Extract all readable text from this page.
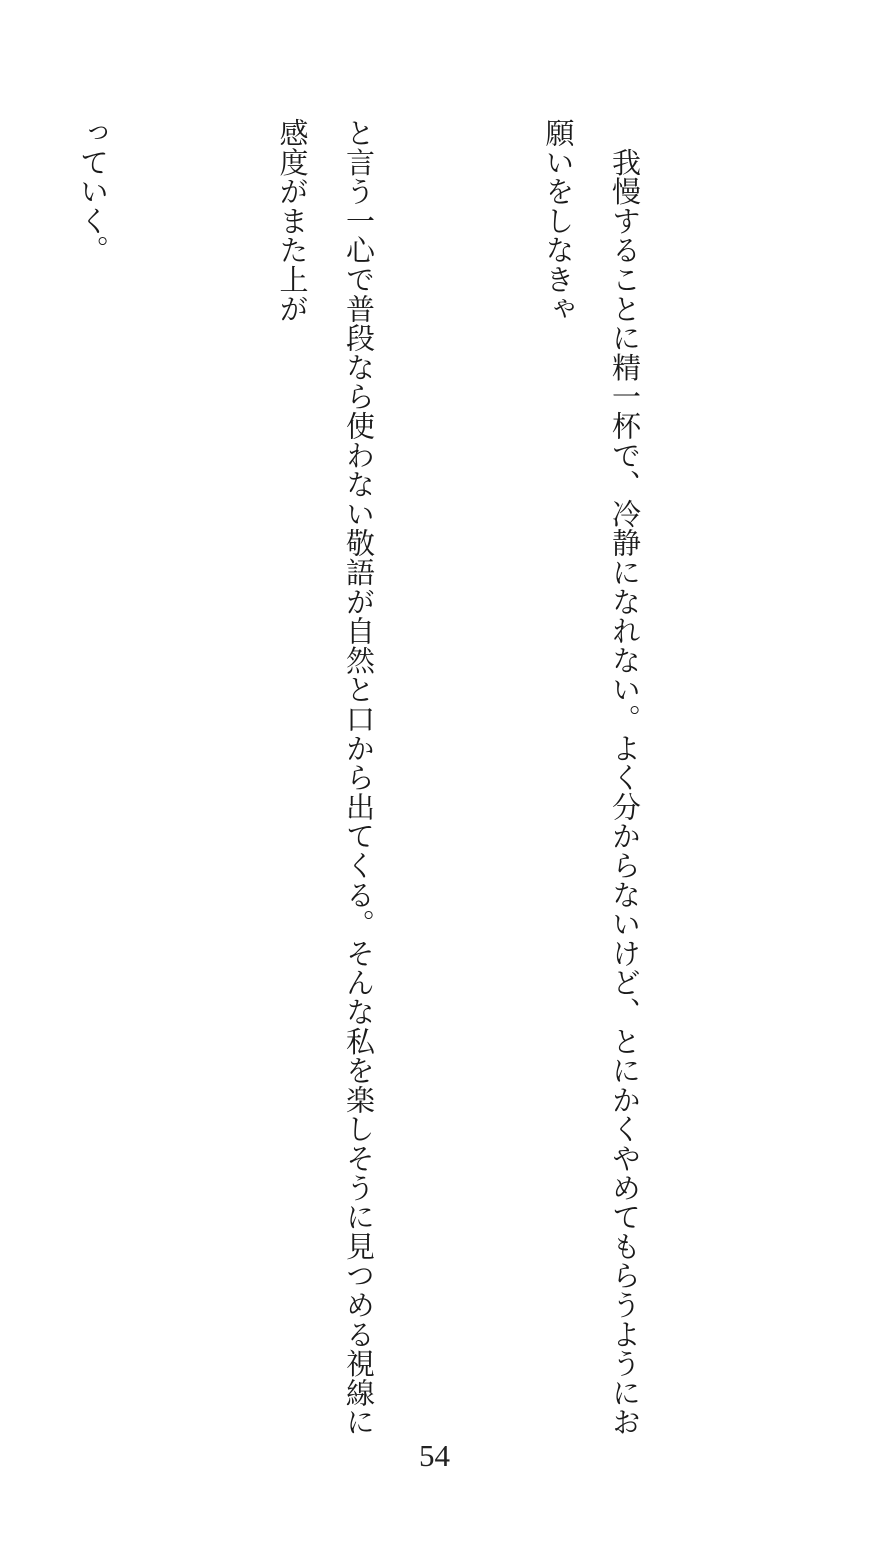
　我慢することに精一杯で、冷静になれない。よく分からないけど、とにかくやめてもらうようにお願いをしなきゃ

と言う一心で普段なら使わない敬語が自然と口から出てくる。そんな私を楽しそうに見つめる視線に感度がまた上が

っていく。

54
